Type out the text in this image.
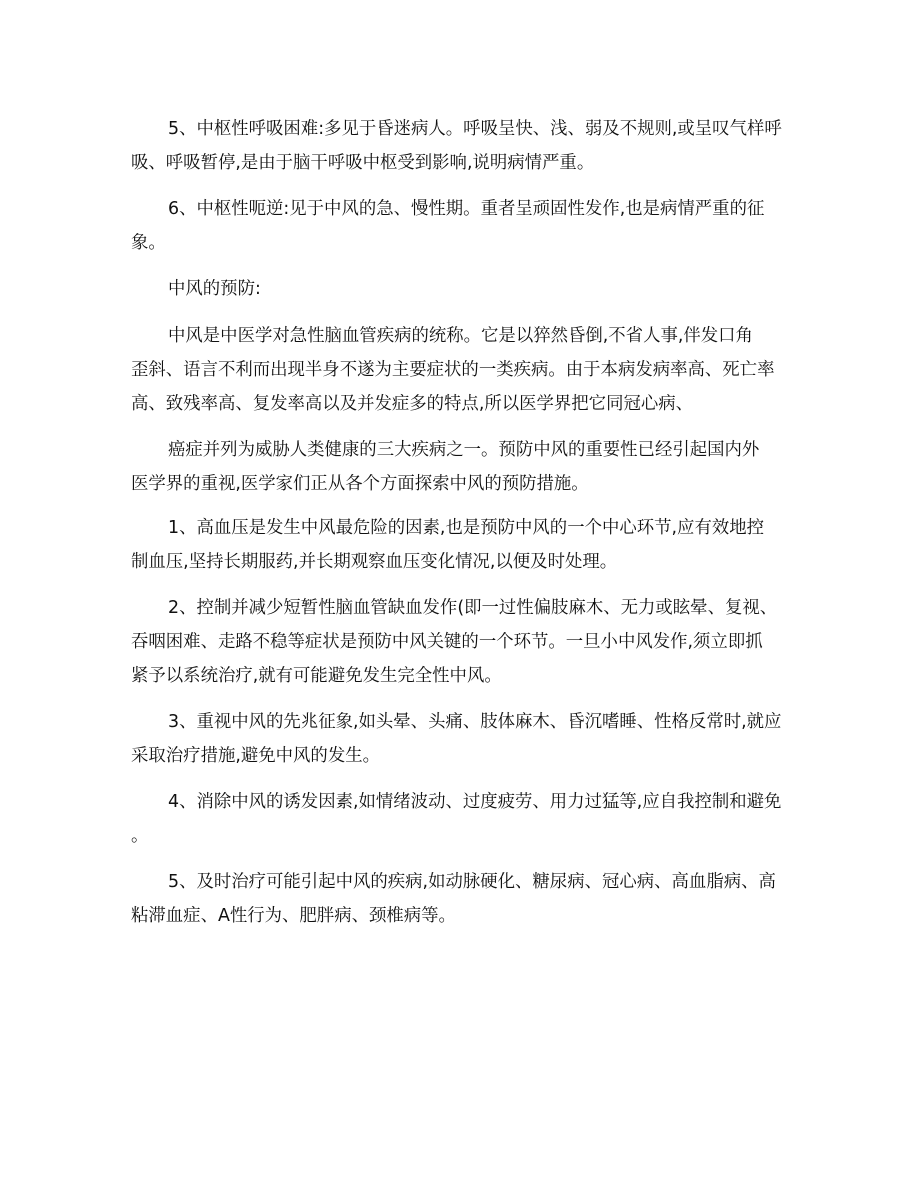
5、中枢性呼吸困难:多见于昏迷病人。呼吸呈快、浅、弱及不规则,或呈叹气样呼
吸、呼吸暂停,是由于脑干呼吸中枢受到影响,说明病情严重。

6、中枢性呃逆:见于中风的急、慢性期。重者呈顽固性发作,也是病情严重的征
象。

中风的预防:

中风是中医学对急性脑血管疾病的统称。它是以猝然昏倒,不省人事,伴发口角
歪斜、语言不利而出现半身不遂为主要症状的一类疾病。由于本病发病率高、死亡率
高、致残率高、复发率高以及并发症多的特点,所以医学界把它同冠心病、

癌症并列为威胁人类健康的三大疾病之一。预防中风的重要性已经引起国内外
医学界的重视,医学家们正从各个方面探索中风的预防措施。

1、高血压是发生中风最危险的因素,也是预防中风的一个中心环节,应有效地控
制血压,坚持长期服药,并长期观察血压变化情况,以便及时处理。

2、控制并减少短暂性脑血管缺血发作(即一过性偏肢麻木、无力或眩晕、复视、
吞咽困难、走路不稳等症状是预防中风关键的一个环节。一旦小中风发作,须立即抓
紧予以系统治疗,就有可能避免发生完全性中风。

3、重视中风的先兆征象,如头晕、头痛、肢体麻木、昏沉嗜睡、性格反常时,就应
采取治疗措施,避免中风的发生。

4、消除中风的诱发因素,如情绪波动、过度疲劳、用力过猛等,应自我控制和避免
。

5、及时治疗可能引起中风的疾病,如动脉硬化、糖尿病、冠心病、高血脂病、高
粘滞血症、A性行为、肥胖病、颈椎病等。
